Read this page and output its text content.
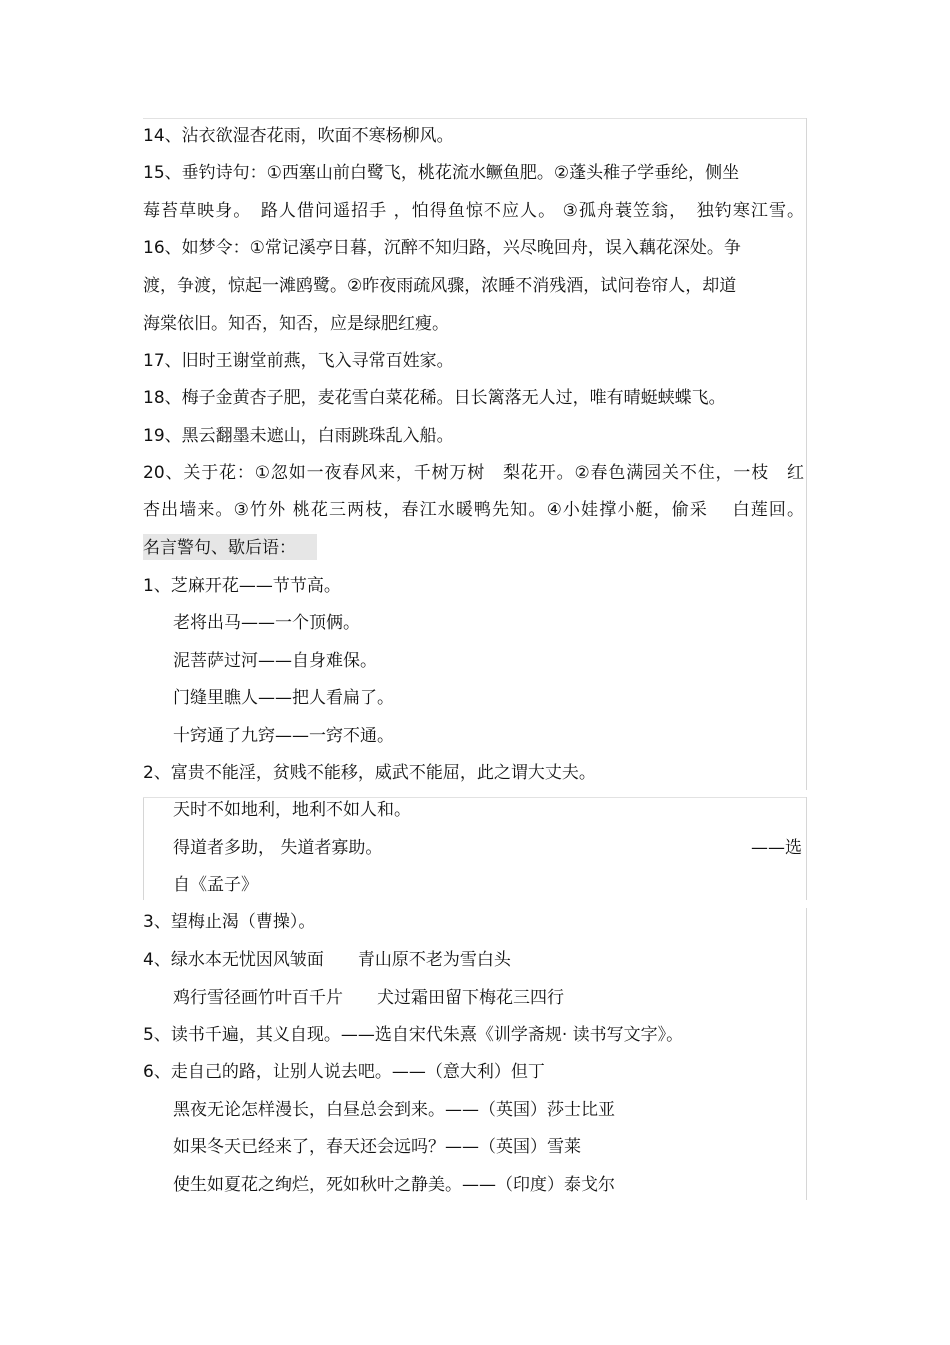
14、沾衣欲湿杏花雨，吹面不寒杨柳风。
15、垂钓诗句：①西塞山前白鹭飞，桃花流水鳜鱼肥。②蓬头稚子学垂纶，侧坐
莓苔草映身。　路人借问遥招手 ，怕得鱼惊不应人。 ③孤舟蓑笠翁，　独钓寒江雪。
16、如梦令：①常记溪亭日暮，沉醉不知归路，兴尽晚回舟，误入藕花深处。争
渡，争渡，惊起一滩鸥鹭。②昨夜雨疏风骤，浓睡不消残酒，试问卷帘人，却道
海棠依旧。知否，知否，应是绿肥红瘦。
17、旧时王谢堂前燕，飞入寻常百姓家。
18、梅子金黄杏子肥，麦花雪白菜花稀。日长篱落无人过，唯有晴蜓蛱蝶飞。
19、黑云翻墨未遮山，白雨跳珠乱入船。
20、关于花：①忽如一夜春风来，千树万树　梨花开。②春色满园关不住，一枝　红
杏出墙来。③竹外 桃花三两枝，春江水暖鸭先知。④小娃撑小艇，偷采　 白莲回。
名言警句、歇后语：
1、芝麻开花——节节高。
老将出马——一个顶俩。
泥菩萨过河——自身难保。
门缝里瞧人——把人看扁了。
十窍通了九窍——一窍不通。
2、富贵不能淫，贫贱不能移，威武不能屈，此之谓大丈夫。
天时不如地利，地利不如人和。
得道者多助， 失道者寡助。	——选
自《孟子》
3、望梅止渴（曹操）。
4、绿水本无忧因风皱面　　青山原不老为雪白头
鸡行雪径画竹叶百千片　　犬过霜田留下梅花三四行
5、读书千遍，其义自现。——选自宋代朱熹《训学斋规· 读书写文字》。
6、走自己的路，让别人说去吧。——（意大利）但丁
黑夜无论怎样漫长，白昼总会到来。——（英国）莎士比亚
如果冬天已经来了，春天还会远吗？——（英国）雪莱
使生如夏花之绚烂，死如秋叶之静美。——（印度）泰戈尔
